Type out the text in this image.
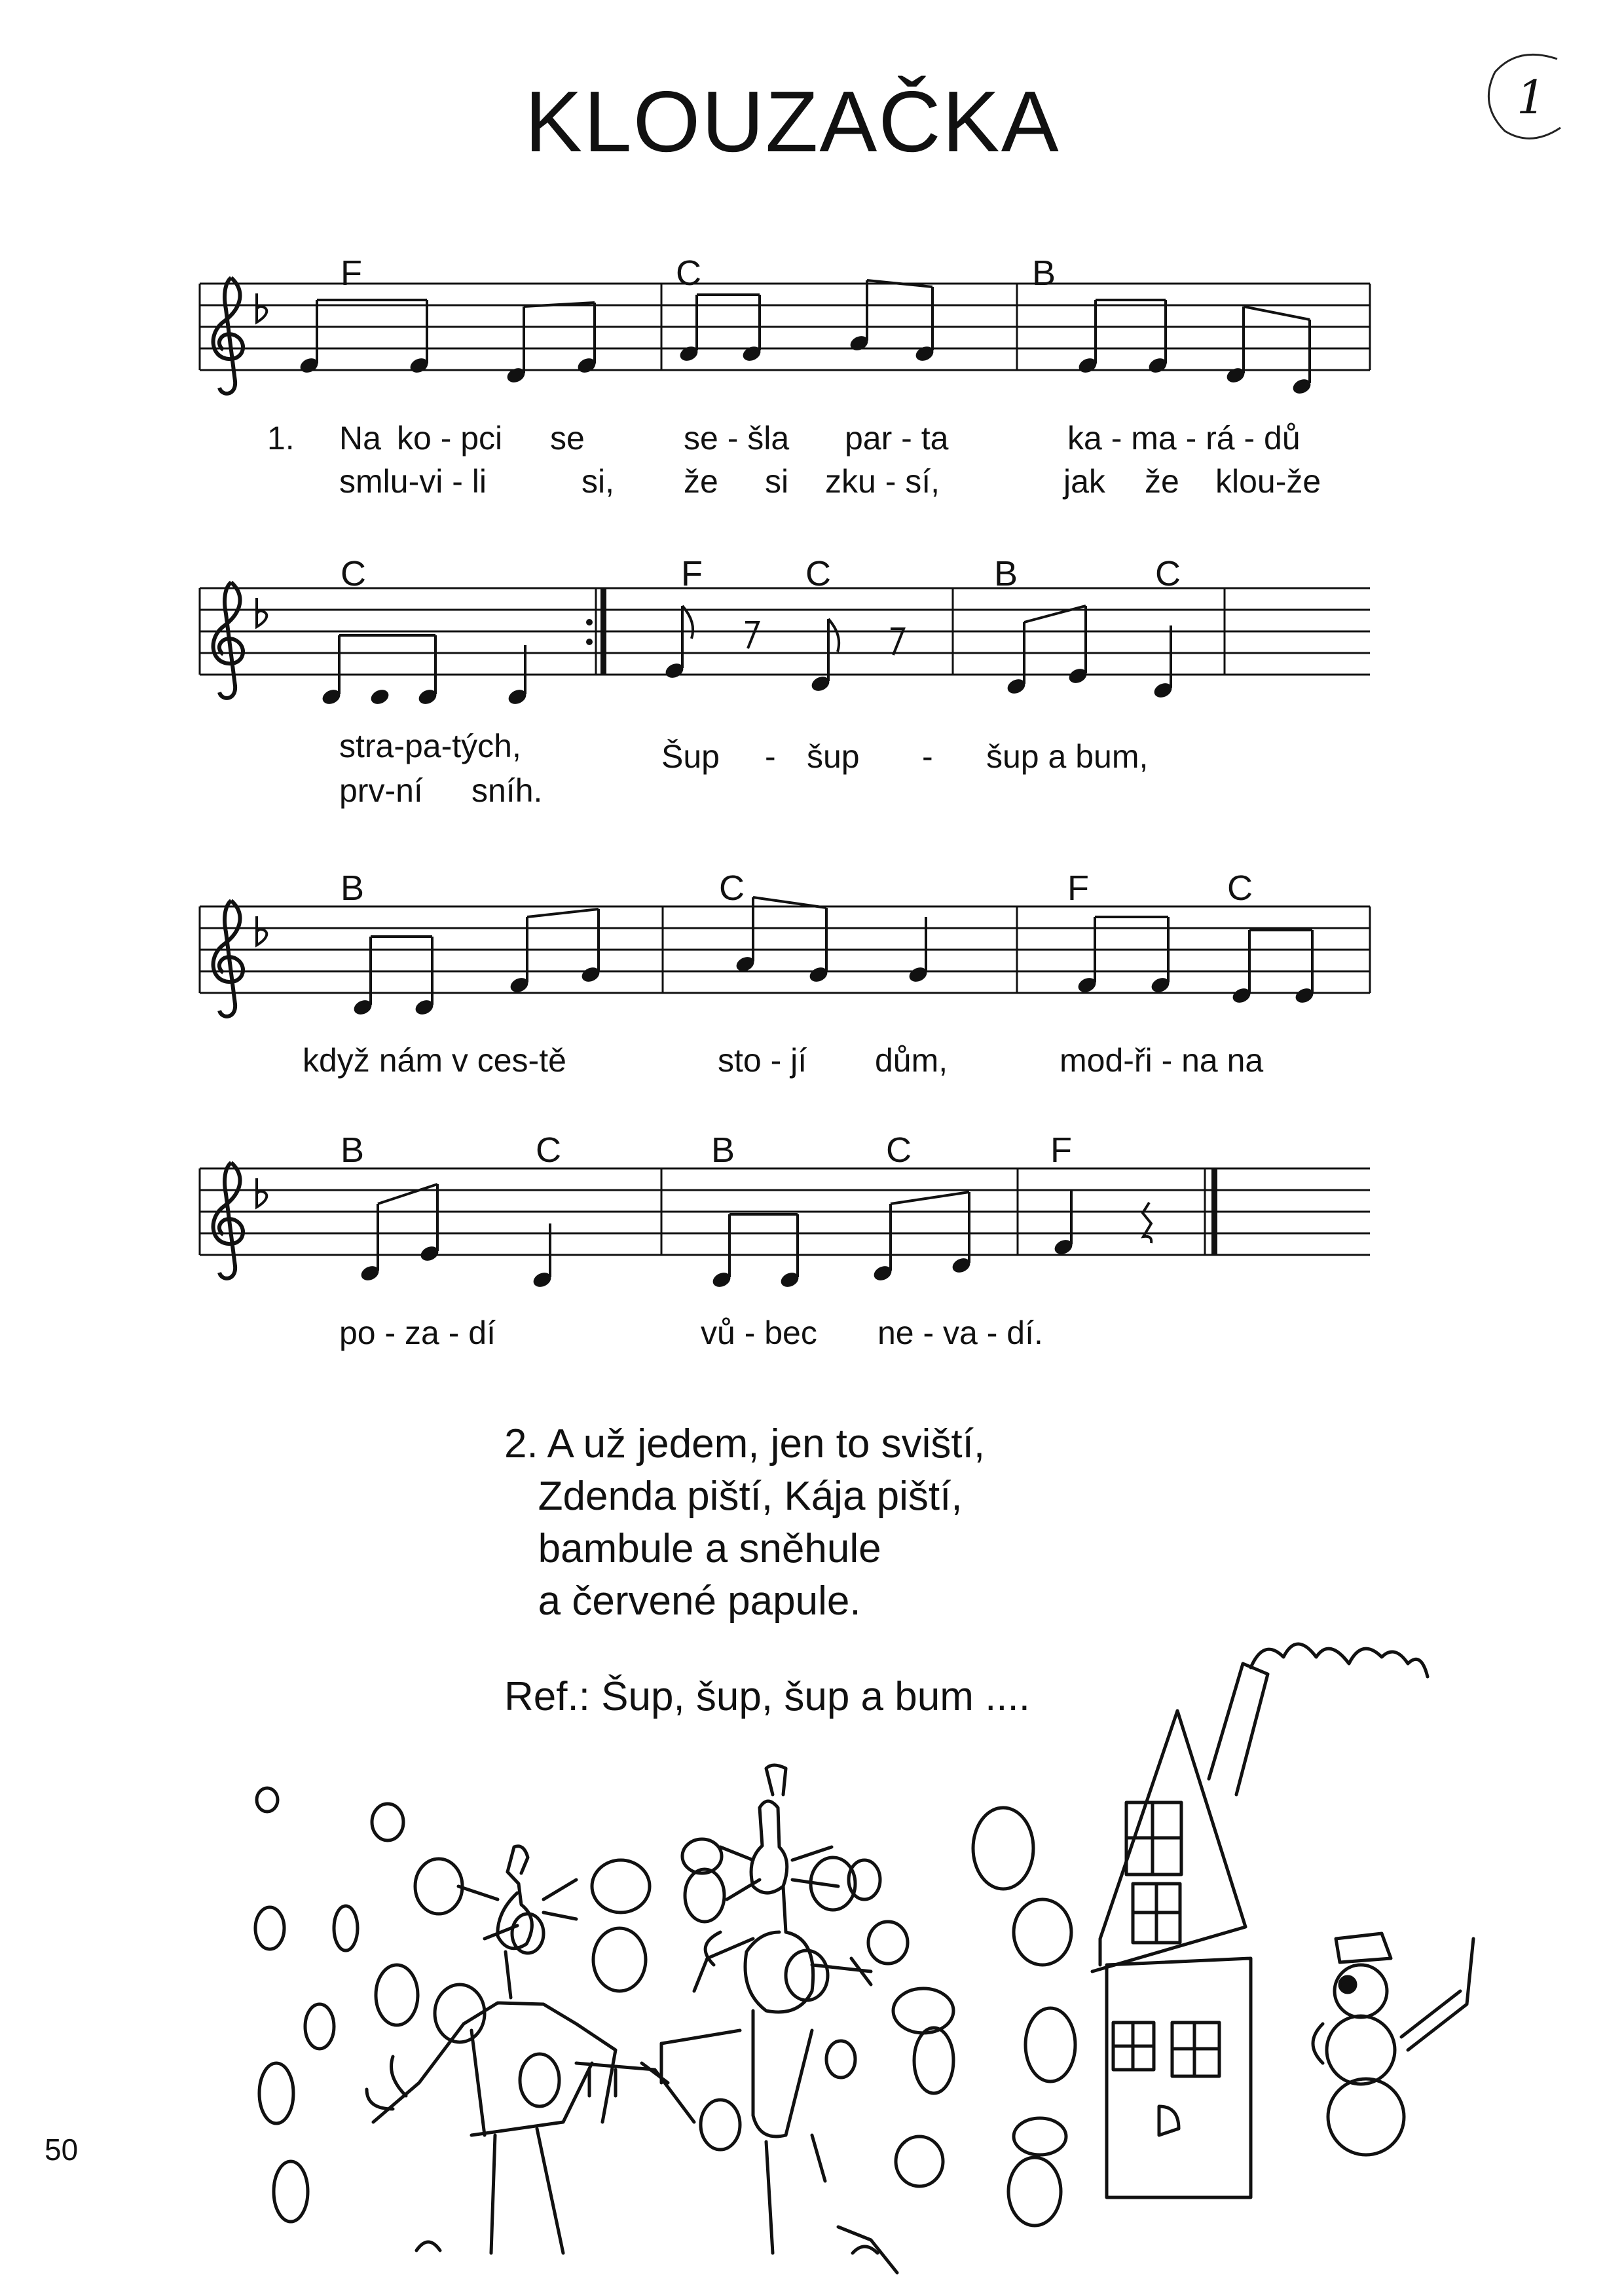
KLOUZAČKA	1
F	C	B
C	F	C	B	C
B	C	F	C
B	C	B	C	F
1. Na ko - pci se	se - šla par - ta	ka - ma - rá - dů
smlu-vi - li	si, že si zku - sí,	jak že klou-že
stra-pa-tých,	Šup - šup - šup a bum,
prv-ní sníh.
když nám v ces-tě	sto - jí dům,	mod-ři - na na
po - za - dí	vů - bec ne - va - dí.
2. A už jedem, jen to sviští,
Zdenda piští, Kája piští,
bambule a sněhule
a červené papule.
Ref.: Šup, šup, šup a bum ....
50
